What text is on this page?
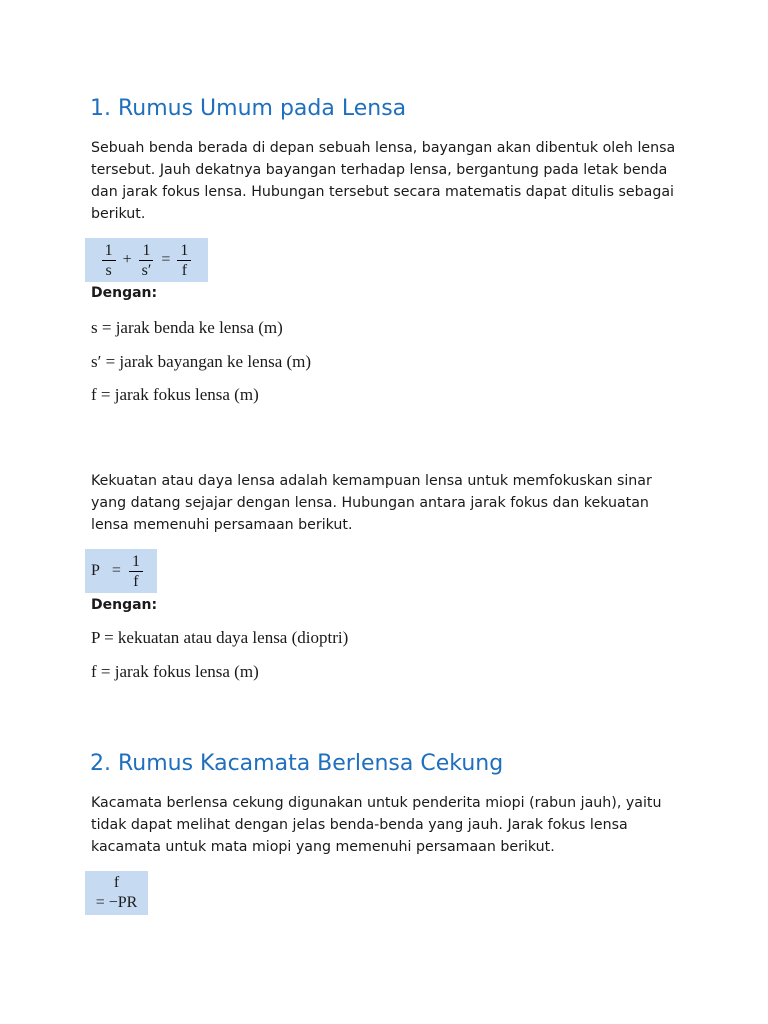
1. Rumus Umum pada Lensa

Sebuah benda berada di depan sebuah lensa, bayangan akan dibentuk oleh lensa
tersebut. Jauh dekatnya bayangan terhadap lensa, bergantung pada letak benda
dan jarak fokus lensa. Hubungan tersebut secara matematis dapat ditulis sebagai
berikut.

$\frac{1}{s} + \frac{1}{s'} = \frac{1}{f}$
Dengan:
s = jarak benda ke lensa (m)
s′ = jarak bayangan ke lensa (m)
f = jarak fokus lensa (m)

Kekuatan atau daya lensa adalah kemampuan lensa untuk memfokuskan sinar
yang datang sejajar dengan lensa. Hubungan antara jarak fokus dan kekuatan
lensa memenuhi persamaan berikut.

$P = \frac{1}{f}$
Dengan:
P = kekuatan atau daya lensa (dioptri)
f = jarak fokus lensa (m)
2. Rumus Kacamata Berlensa Cekung

Kacamata berlensa cekung digunakan untuk penderita miopi (rabun jauh), yaitu
tidak dapat melihat dengan jelas benda-benda yang jauh. Jarak fokus lensa
kacamata untuk mata miopi yang memenuhi persamaan berikut.

f
= −PR
